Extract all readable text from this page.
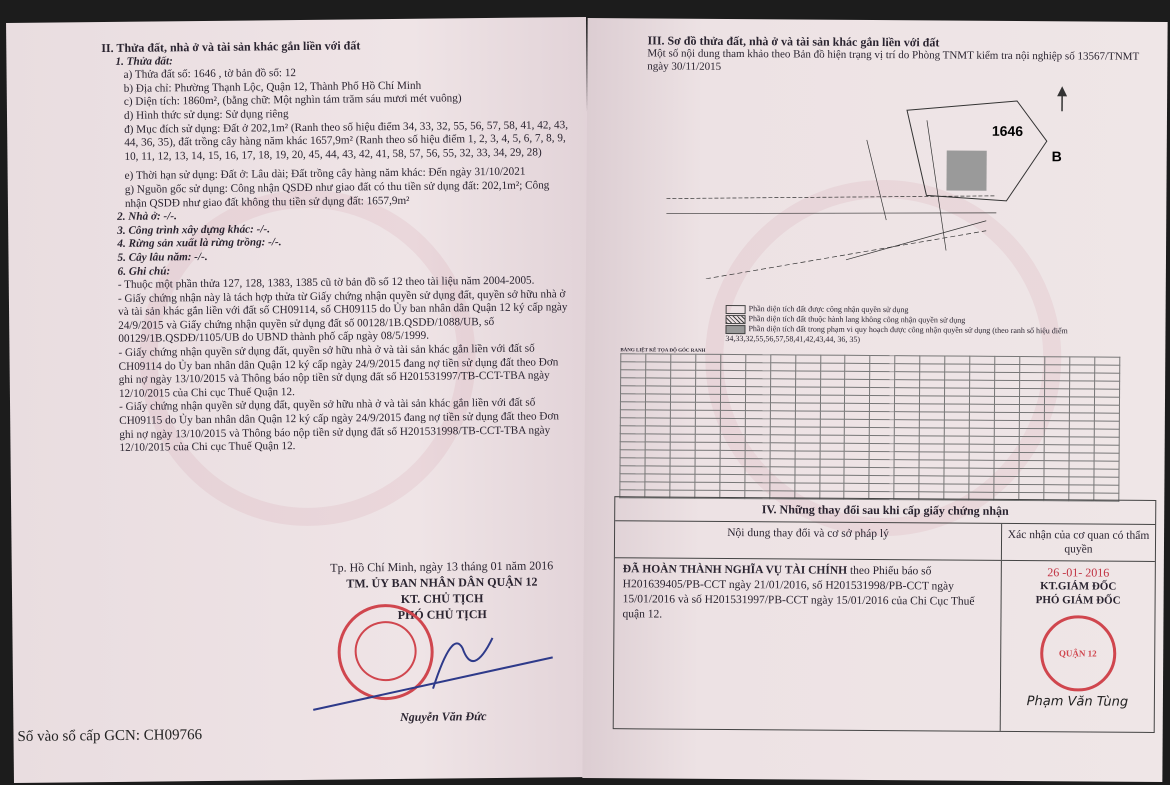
II. Thửa đất, nhà ở và tài sản khác gắn liền với đất
1. Thửa đất:
a) Thửa đất số: 1646 , tờ bản đồ số: 12
b) Địa chỉ: Phường Thạnh Lộc, Quận 12, Thành Phố Hồ Chí Minh
c) Diện tích: 1860m², (bằng chữ: Một nghìn tám trăm sáu mươi mét vuông)
d) Hình thức sử dụng: Sử dụng riêng
đ) Mục đích sử dụng: Đất ở 202,1m² (Ranh theo số hiệu điểm 34, 33, 32, 55, 56, 57, 58, 41, 42, 43, 44, 36, 35), đất trồng cây hàng năm khác 1657,9m² (Ranh theo số hiệu điểm 1, 2, 3, 4, 5, 6, 7, 8, 9, 10, 11, 12, 13, 14, 15, 16, 17, 18, 19, 20, 45, 44, 43, 42, 41, 58, 57, 56, 55, 32, 33, 34, 29, 28)
e) Thời hạn sử dụng: Đất ở: Lâu dài; Đất trồng cây hàng năm khác: Đến ngày 31/10/2021
g) Nguồn gốc sử dụng: Công nhận QSDĐ như giao đất có thu tiền sử dụng đất: 202,1m²; Công nhận QSDĐ như giao đất không thu tiền sử dụng đất: 1657,9m²
2. Nhà ở: -/-.
3. Công trình xây dựng khác: -/-.
4. Rừng sản xuất là rừng trồng: -/-.
5. Cây lâu năm: -/-.
6. Ghi chú:
- Thuộc một phần thửa 127, 128, 1383, 1385 cũ tờ bản đồ số 12 theo tài liệu năm 2004-2005.
- Giấy chứng nhận này là tách hợp thửa từ Giấy chứng nhận quyền sử dụng đất, quyền sở hữu nhà ở và tài sản khác gắn liền với đất số CH09114, số CH09115 do Ủy ban nhân dân Quận 12 ký cấp ngày 24/9/2015 và Giấy chứng nhận quyền sử dụng đất số 00128/1B.QSDĐ/1088/UB, số 00129/1B.QSDĐ/1105/UB do UBND thành phố cấp ngày 08/5/1999.
- Giấy chứng nhận quyền sử dụng đất, quyền sở hữu nhà ở và tài sản khác gắn liền với đất số CH09114 do Ủy ban nhân dân Quận 12 ký cấp ngày 24/9/2015 đang nợ tiền sử dụng đất theo Đơn ghi nợ ngày 13/10/2015 và Thông báo nộp tiền sử dụng đất số H201531997/TB-CCT-TBA ngày 12/10/2015 của Chi cục Thuế Quận 12.
- Giấy chứng nhận quyền sử dụng đất, quyền sở hữu nhà ở và tài sản khác gắn liền với đất số CH09115 do Ủy ban nhân dân Quận 12 ký cấp ngày 24/9/2015 đang nợ tiền sử dụng đất theo Đơn ghi nợ ngày 13/10/2015 và Thông báo nộp tiền sử dụng đất số H201531998/TB-CCT-TBA ngày 12/10/2015 của Chi cục Thuế Quận 12.
Tp. Hồ Chí Minh, ngày 13 tháng 01 năm 2016
TM. ỦY BAN NHÂN DÂN QUẬN 12
KT. CHỦ TỊCH
PHÓ CHỦ TỊCH
Nguyễn Văn Đức
Số vào sổ cấp GCN: CH09766
III. Sơ đồ thửa đất, nhà ở và tài sản khác gắn liền với đất
Một số nội dung tham khảo theo Bản đồ hiện trạng vị trí do Phòng TNMT kiểm tra nội nghiệp số 13567/TNMT ngày 30/11/2015
1646
B
Phần diện tích đất được công nhận quyền sử dụng
Phần diện tích đất thuộc hành lang không công nhận quyền sử dụng
Phần diện tích đất trong phạm vi quy hoạch được công nhận quyền sử dụng (theo ranh số hiệu điểm 34,33,32,55,56,57,58,41,42,43,44, 36, 35)
BẢNG LIỆT KÊ TỌA ĐỘ GÓC RANH

IV. Những thay đổi sau khi cấp giấy chứng nhận
Nội dung thay đổi và cơ sở pháp lý	Xác nhận của cơ quan có thẩm quyền
ĐÃ HOÀN THÀNH NGHĨA VỤ TÀI CHÍNH theo Phiếu báo số H201639405/PB-CCT ngày 21/01/2016, số H201531998/PB-CCT ngày 15/01/2016 và số H201531997/PB-CCT ngày 15/01/2016 của Chi Cục Thuế quận 12.
26 -01- 2016
KT.GIÁM ĐỐC
PHÓ GIÁM ĐỐC
QUẬN 12
Phạm Văn Tùng
